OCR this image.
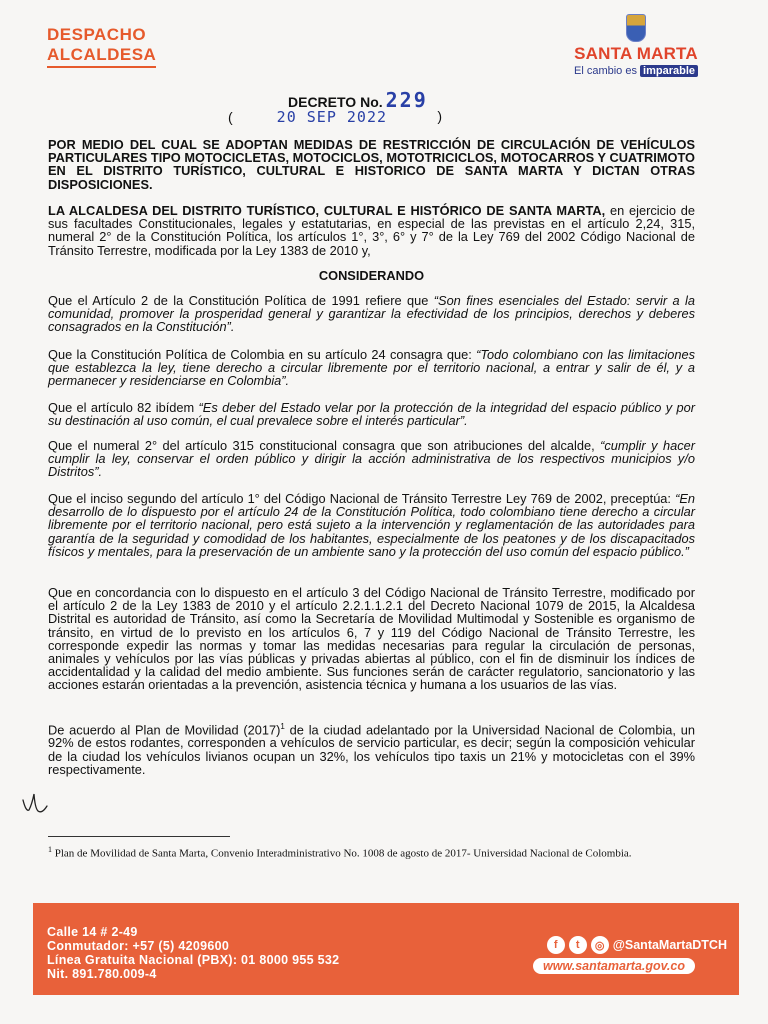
DESPACHO
ALCALDESA	SANTA MARTA
El cambio es imparable
DECRETO No. 229
(	20 SEP 2022	)
POR MEDIO DEL CUAL SE ADOPTAN MEDIDAS DE RESTRICCIÓN DE CIRCULACIÓN DE VEHÍCULOS PARTICULARES TIPO MOTOCICLETAS, MOTOCICLOS, MOTOTRICICLOS, MOTOCARROS Y CUATRIMOTO EN EL DISTRITO TURÍSTICO, CULTURAL E HISTORICO DE SANTA MARTA Y DICTAN OTRAS DISPOSICIONES.
LA ALCALDESA DEL DISTRITO TURÍSTICO, CULTURAL E HISTÓRICO DE SANTA MARTA, en ejercicio de sus facultades Constitucionales, legales y estatutarias, en especial de las previstas en el artículo 2,24, 315, numeral 2° de la Constitución Política, los artículos 1°, 3°, 6° y 7° de la Ley 769 del 2002 Código Nacional de Tránsito Terrestre, modificada por la Ley 1383 de 2010 y,
CONSIDERANDO
Que el Artículo 2 de la Constitución Política de 1991 refiere que “Son fines esenciales del Estado: servir a la comunidad, promover la prosperidad general y garantizar la efectividad de los principios, derechos y deberes consagrados en la Constitución”.
Que la Constitución Política de Colombia en su artículo 24 consagra que: “Todo colombiano con las limitaciones que establezca la ley, tiene derecho a circular libremente por el territorio nacional, a entrar y salir de él, y a permanecer y residenciarse en Colombia”.
Que el artículo 82 ibídem “Es deber del Estado velar por la protección de la integridad del espacio público y por su destinación al uso común, el cual prevalece sobre el interés particular”.
Que el numeral 2° del artículo 315 constitucional consagra que son atribuciones del alcalde, “cumplir y hacer cumplir la ley, conservar el orden público y dirigir la acción administrativa de los respectivos municipios y/o Distritos”.
Que el inciso segundo del artículo 1° del Código Nacional de Tránsito Terrestre Ley 769 de 2002, preceptúa: “En desarrollo de lo dispuesto por el artículo 24 de la Constitución Política, todo colombiano tiene derecho a circular libremente por el territorio nacional, pero está sujeto a la intervención y reglamentación de las autoridades para garantía de la seguridad y comodidad de los habitantes, especialmente de los peatones y de los discapacitados físicos y mentales, para la preservación de un ambiente sano y la protección del uso común del espacio público.”
Que en concordancia con lo dispuesto en el artículo 3 del Código Nacional de Tránsito Terrestre, modificado por el artículo 2 de la Ley 1383 de 2010 y el artículo 2.2.1.1.2.1 del Decreto Nacional 1079 de 2015, la Alcaldesa Distrital es autoridad de Tránsito, así como la Secretaría de Movilidad Multimodal y Sostenible es organismo de tránsito, en virtud de lo previsto en los artículos 6, 7 y 119 del Código Nacional de Tránsito Terrestre, les corresponde expedir las normas y tomar las medidas necesarias para regular la circulación de personas, animales y vehículos por las vías públicas y privadas abiertas al público, con el fin de disminuir los índices de accidentalidad y la calidad del medio ambiente. Sus funciones serán de carácter regulatorio, sancionatorio y las acciones estarán orientadas a la prevención, asistencia técnica y humana a los usuarios de las vías.
De acuerdo al Plan de Movilidad $(2017)^1$ de la ciudad adelantado por la Universidad Nacional de Colombia, un 92% de estos rodantes, corresponden a vehículos de servicio particular, es decir; según la composición vehicular de la ciudad los vehículos livianos ocupan un 32%, los vehículos tipo taxis un 21% y motocicletas con el 39% respectivamente.
$^1$ Plan de Movilidad de Santa Marta, Convenio Interadministrativo No. 1008 de agosto de 2017- Universidad Nacional de Colombia.
Calle 14 # 2-49
Conmutador: +57 (5) 4209600
Línea Gratuita Nacional (PBX): 01 8000 955 532
Nit. 891.780.009-4
f	t	◎ @SantaMartaDTCH
www.santamarta.gov.co
